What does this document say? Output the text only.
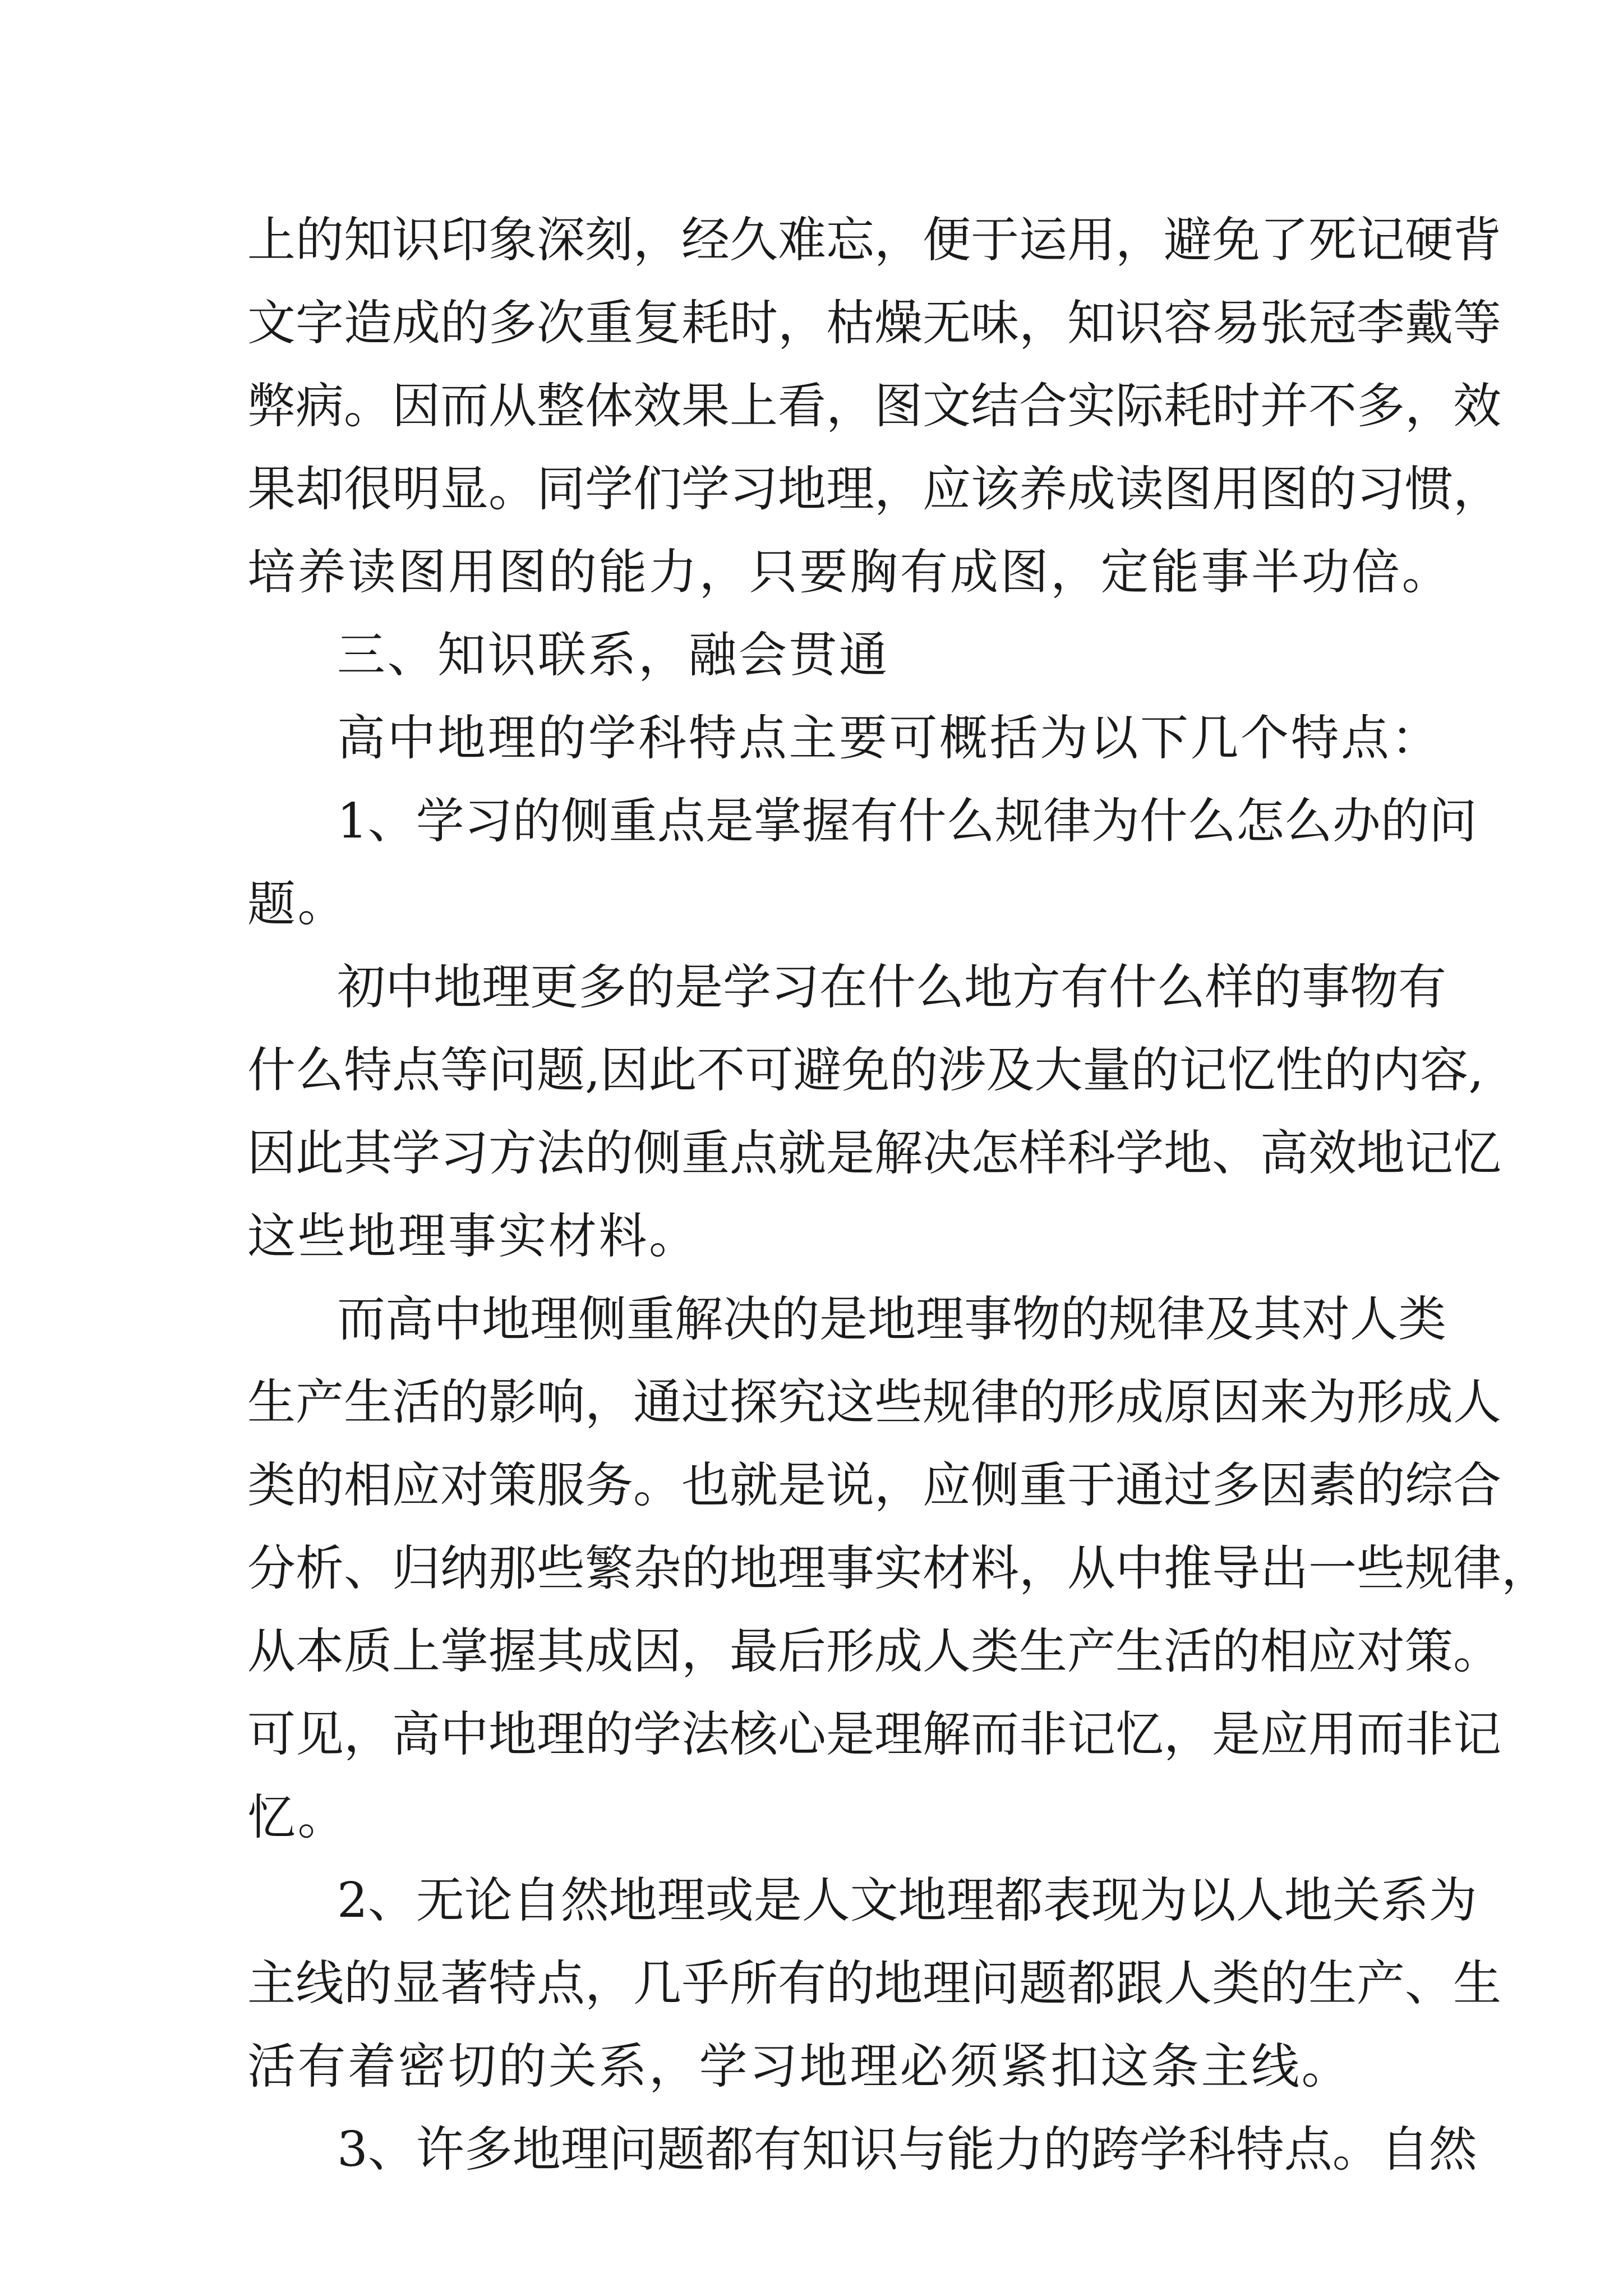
上的知识印象深刻，经久难忘，便于运用，避免了死记硬背
文字造成的多次重复耗时，枯燥无味，知识容易张冠李戴等
弊病。因而从整体效果上看，图文结合实际耗时并不多，效
果却很明显。同学们学习地理，应该养成读图用图的习惯，
培养读图用图的能力，只要胸有成图，定能事半功倍。
三、知识联系，融会贯通
高中地理的学科特点主要可概括为以下几个特点：
1、学习的侧重点是掌握有什么规律为什么怎么办的问
题。
初中地理更多的是学习在什么地方有什么样的事物有
什么特点等问题,因此不可避免的涉及大量的记忆性的内容,
因此其学习方法的侧重点就是解决怎样科学地、高效地记忆
这些地理事实材料。
而高中地理侧重解决的是地理事物的规律及其对人类
生产生活的影响，通过探究这些规律的形成原因来为形成人
类的相应对策服务。也就是说，应侧重于通过多因素的综合
分析、归纳那些繁杂的地理事实材料，从中推导出一些规律，
从本质上掌握其成因，最后形成人类生产生活的相应对策。
可见，高中地理的学法核心是理解而非记忆，是应用而非记
忆。
2、无论自然地理或是人文地理都表现为以人地关系为
主线的显著特点，几乎所有的地理问题都跟人类的生产、生
活有着密切的关系，学习地理必须紧扣这条主线。
3、许多地理问题都有知识与能力的跨学科特点。自然
